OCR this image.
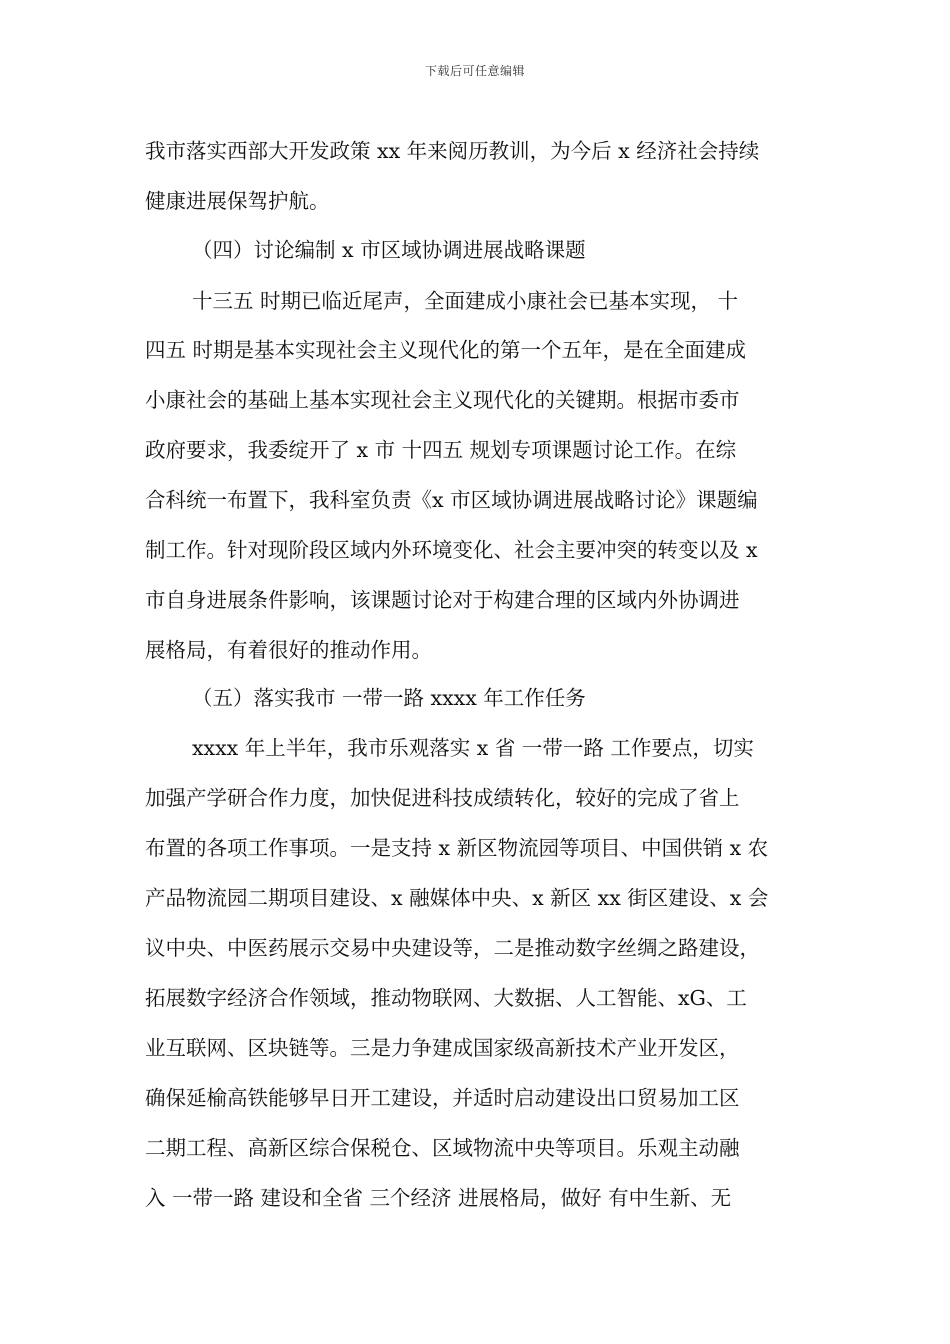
下载后可任意编辑
我市落实西部大开发政策 xx 年来阅历教训，为今后 x 经济社会持续
健康进展保驾护航。
（四）讨论编制 x 市区域协调进展战略课题
十三五 时期已临近尾声，全面建成小康社会已基本实现， 十
四五 时期是基本实现社会主义现代化的第一个五年，是在全面建成
小康社会的基础上基本实现社会主义现代化的关键期。根据市委市
政府要求，我委绽开了 x 市 十四五 规划专项课题讨论工作。在综
合科统一布置下，我科室负责《x 市区域协调进展战略讨论》课题编
制工作。针对现阶段区域内外环境变化、社会主要冲突的转变以及 x
市自身进展条件影响，该课题讨论对于构建合理的区域内外协调进
展格局，有着很好的推动作用。
（五）落实我市 一带一路 xxxx 年工作任务
xxxx 年上半年，我市乐观落实 x 省 一带一路 工作要点，切实
加强产学研合作力度，加快促进科技成绩转化，较好的完成了省上
布置的各项工作事项。一是支持 x 新区物流园等项目、中国供销 x 农
产品物流园二期项目建设、x 融媒体中央、x 新区 xx 街区建设、x 会
议中央、中医药展示交易中央建设等，二是推动数字丝绸之路建设，
拓展数字经济合作领域，推动物联网、大数据、人工智能、xG、工
业互联网、区块链等。三是力争建成国家级高新技术产业开发区，
确保延榆高铁能够早日开工建设，并适时启动建设出口贸易加工区
二期工程、高新区综合保税仓、区域物流中央等项目。乐观主动融
入 一带一路 建设和全省 三个经济 进展格局，做好 有中生新、无
